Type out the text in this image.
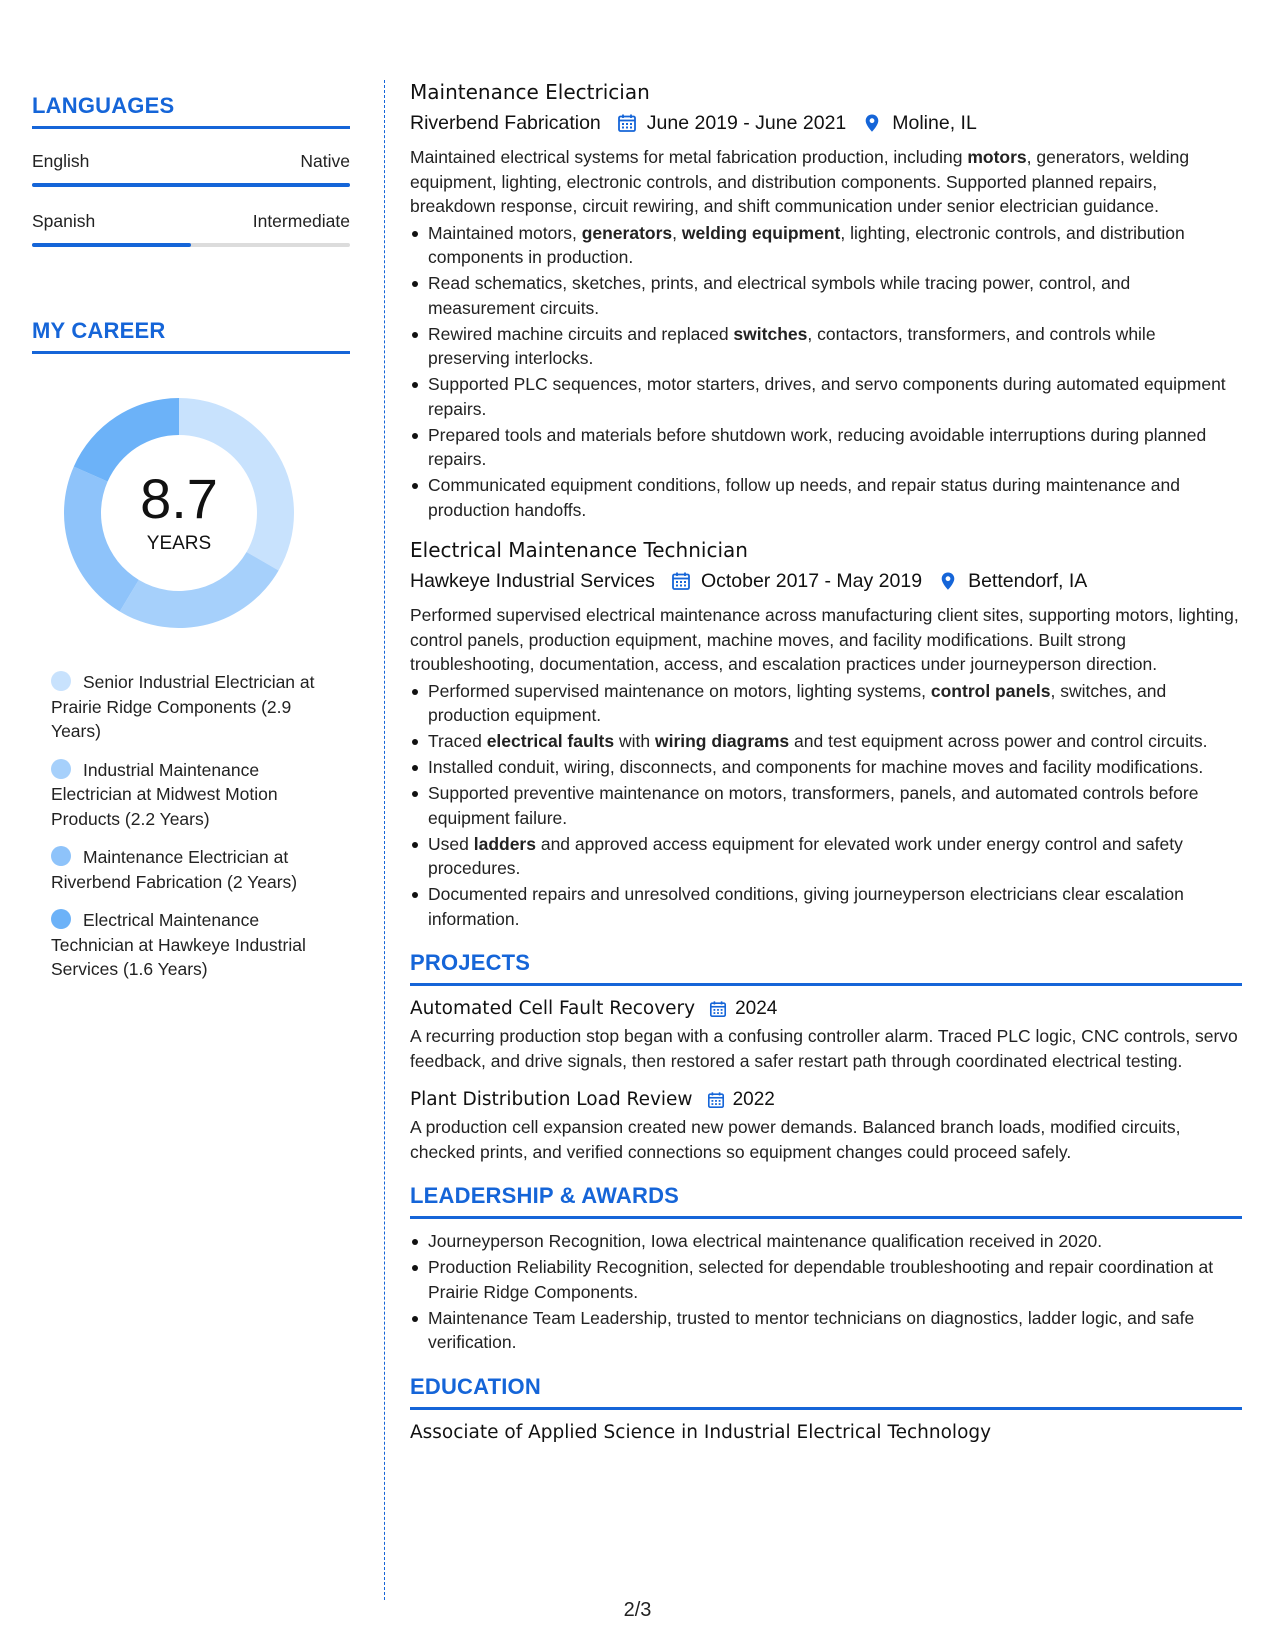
LANGUAGES
English	Native
Spanish	Intermediate
MY CAREER
8.7
YEARS
Senior Industrial Electrician at Prairie Ridge Components (2.9 Years)
Industrial Maintenance Electrician at Midwest Motion Products (2.2 Years)
Maintenance Electrician at Riverbend Fabrication (2 Years)
Electrical Maintenance Technician at Hawkeye Industrial Services (1.6 Years)
Maintenance Electrician
Riverbend Fabrication June 2019 - June 2021 Moline, IL
Maintained electrical systems for metal fabrication production, including motors, generators, welding equipment, lighting, electronic controls, and distribution components. Supported planned repairs, breakdown response, circuit rewiring, and shift communication under senior electrician guidance.
Maintained motors, generators, welding equipment, lighting, electronic controls, and distribution components in production.
Read schematics, sketches, prints, and electrical symbols while tracing power, control, and measurement circuits.
Rewired machine circuits and replaced switches, contactors, transformers, and controls while preserving interlocks.
Supported PLC sequences, motor starters, drives, and servo components during automated equipment repairs.
Prepared tools and materials before shutdown work, reducing avoidable interruptions during planned repairs.
Communicated equipment conditions, follow up needs, and repair status during maintenance and production handoffs.
Electrical Maintenance Technician
Hawkeye Industrial Services October 2017 - May 2019 Bettendorf, IA
Performed supervised electrical maintenance across manufacturing client sites, supporting motors, lighting, control panels, production equipment, machine moves, and facility modifications. Built strong troubleshooting, documentation, access, and escalation practices under journeyperson direction.
Performed supervised maintenance on motors, lighting systems, control panels, switches, and production equipment.
Traced electrical faults with wiring diagrams and test equipment across power and control circuits.
Installed conduit, wiring, disconnects, and components for machine moves and facility modifications.
Supported preventive maintenance on motors, transformers, panels, and automated controls before equipment failure.
Used ladders and approved access equipment for elevated work under energy control and safety procedures.
Documented repairs and unresolved conditions, giving journeyperson electricians clear escalation information.
PROJECTS
Automated Cell Fault Recovery 2024
A recurring production stop began with a confusing controller alarm. Traced PLC logic, CNC controls, servo feedback, and drive signals, then restored a safer restart path through coordinated electrical testing.
Plant Distribution Load Review 2022
A production cell expansion created new power demands. Balanced branch loads, modified circuits, checked prints, and verified connections so equipment changes could proceed safely.
LEADERSHIP & AWARDS
Journeyperson Recognition, Iowa electrical maintenance qualification received in 2020.
Production Reliability Recognition, selected for dependable troubleshooting and repair coordination at Prairie Ridge Components.
Maintenance Team Leadership, trusted to mentor technicians on diagnostics, ladder logic, and safe verification.
EDUCATION
Associate of Applied Science in Industrial Electrical Technology
2/3
